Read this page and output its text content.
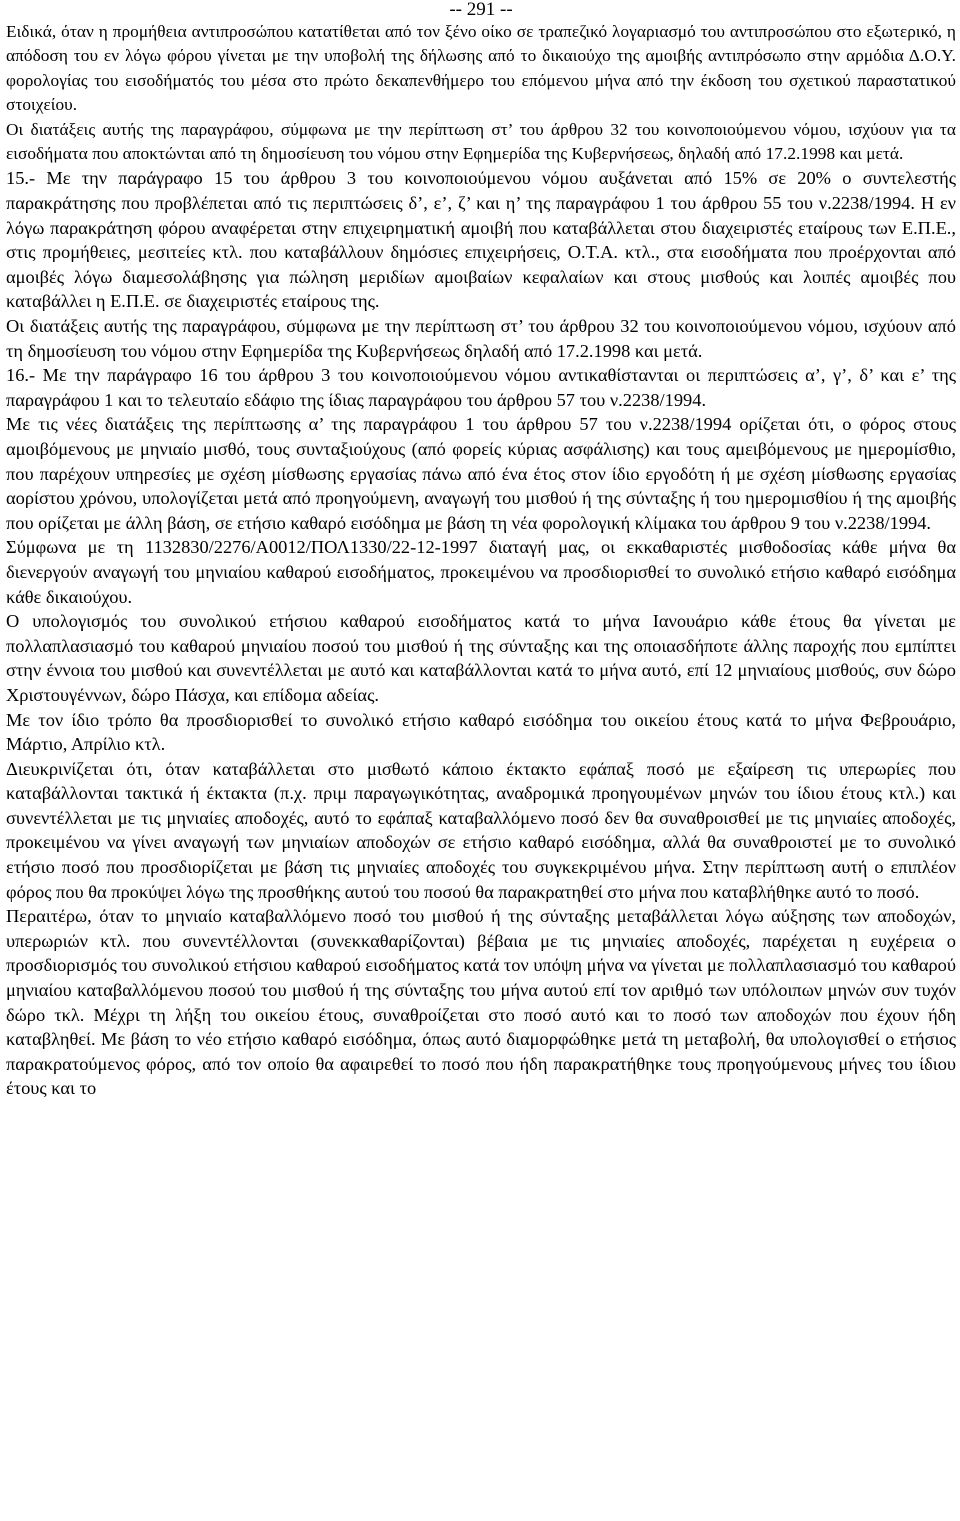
-- 291 --

Ειδικά, όταν η προμήθεια αντιπροσώπου κατατίθεται από τον ξένο οίκο σε τραπεζικό λογαριασμό του αντιπροσώπου στο εξωτερικό, η απόδοση του εν λόγω φόρου γίνεται με την υποβολή της δήλωσης από το δικαιούχο της αμοιβής αντιπρόσωπο στην αρμόδια Δ.Ο.Υ. φορολογίας του εισοδήματός του μέσα στο πρώτο δεκαπενθήμερο του επόμενου μήνα από την έκδοση του σχετικού παραστατικού στοιχείου.

Οι διατάξεις αυτής της παραγράφου, σύμφωνα με την περίπτωση στ’ του άρθρου 32 του κοινοποιούμενου νόμου, ισχύουν για τα εισοδήματα που αποκτώνται από τη δημοσίευση του νόμου στην Εφημερίδα της Κυβερνήσεως, δηλαδή από 17.2.1998 και μετά.

15.- Με την παράγραφο 15 του άρθρου 3 του κοινοποιούμενου νόμου αυξάνεται από 15% σε 20% ο συντελεστής παρακράτησης που προβλέπεται από τις περιπτώσεις δ’, ε’, ζ’ και η’ της παραγράφου 1 του άρθρου 55 του ν.2238/1994. Η εν λόγω παρακράτηση φόρου αναφέρεται στην επιχειρηματική αμοιβή που καταβάλλεται στου διαχειριστές εταίρους των Ε.Π.Ε., στις προμήθειες, μεσιτείες κτλ. που καταβάλλουν δημόσιες επιχειρήσεις, Ο.Τ.Α. κτλ., στα εισοδήματα που προέρχονται από αμοιβές λόγω διαμεσολάβησης για πώληση μεριδίων αμοιβαίων κεφαλαίων και στους μισθούς και λοιπές αμοιβές που καταβάλλει η Ε.Π.Ε. σε διαχειριστές εταίρους της.

Οι διατάξεις αυτής της παραγράφου, σύμφωνα με την περίπτωση στ’ του άρθρου 32 του κοινοποιούμενου νόμου, ισχύουν από τη δημοσίευση του νόμου στην Εφημερίδα της Κυβερνήσεως δηλαδή από 17.2.1998 και μετά.

16.- Με την παράγραφο 16 του άρθρου 3 του κοινοποιούμενου νόμου αντικαθίστανται οι περιπτώσεις α’, γ’, δ’ και ε’ της παραγράφου 1 και το τελευταίο εδάφιο της ίδιας παραγράφου του άρθρου 57 του ν.2238/1994.

Με τις νέες διατάξεις της περίπτωσης α’ της παραγράφου 1 του άρθρου 57 του ν.2238/1994 ορίζεται ότι, ο φόρος στους αμοιβόμενους με μηνιαίο μισθό, τους συνταξιούχους (από φορείς κύριας ασφάλισης) και τους αμειβόμενους με ημερομίσθιο, που παρέχουν υπηρεσίες με σχέση μίσθωσης εργασίας πάνω από ένα έτος στον ίδιο εργοδότη ή με σχέση μίσθωσης εργασίας αορίστου χρόνου, υπολογίζεται μετά από προηγούμενη, αναγωγή του μισθού ή της σύνταξης ή του ημερομισθίου ή της αμοιβής που ορίζεται με άλλη βάση, σε ετήσιο καθαρό εισόδημα με βάση τη νέα φορολογική κλίμακα του άρθρου 9 του ν.2238/1994.

Σύμφωνα με τη 1132830/2276/Α0012/ΠΟΛ1330/22-12-1997 διαταγή μας, οι εκκαθαριστές μισθοδοσίας κάθε μήνα θα διενεργούν αναγωγή του μηνιαίου καθαρού εισοδήματος, προκειμένου να προσδιορισθεί το συνολικό ετήσιο καθαρό εισόδημα κάθε δικαιούχου.

Ο υπολογισμός του συνολικού ετήσιου καθαρού εισοδήματος κατά το μήνα Ιανουάριο κάθε έτους θα γίνεται με πολλαπλασιασμό του καθαρού μηνιαίου ποσού του μισθού ή της σύνταξης και της οποιασδήποτε άλλης παροχής που εμπίπτει στην έννοια του μισθού και συνεντέλλεται με αυτό και καταβάλλονται κατά το μήνα αυτό, επί 12 μηνιαίους μισθούς, συν δώρο Χριστουγέννων, δώρο Πάσχα, και επίδομα αδείας.

Με τον ίδιο τρόπο θα προσδιορισθεί το συνολικό ετήσιο καθαρό εισόδημα του οικείου έτους κατά το μήνα Φεβρουάριο, Μάρτιο, Απρίλιο κτλ.

Διευκρινίζεται ότι, όταν καταβάλλεται στο μισθωτό κάποιο έκτακτο εφάπαξ ποσό με εξαίρεση τις υπερωρίες που καταβάλλονται τακτικά ή έκτακτα (π.χ. πριμ παραγωγικότητας, αναδρομικά προηγουμένων μηνών του ίδιου έτους κτλ.) και συνεντέλλεται με τις μηνιαίες αποδοχές, αυτό το εφάπαξ καταβαλλόμενο ποσό δεν θα συναθροισθεί με τις μηνιαίες αποδοχές, προκειμένου να γίνει αναγωγή των μηνιαίων αποδοχών σε ετήσιο καθαρό εισόδημα, αλλά θα συναθροιστεί με το συνολικό ετήσιο ποσό που προσδιορίζεται με βάση τις μηνιαίες αποδοχές του συγκεκριμένου μήνα. Στην περίπτωση αυτή ο επιπλέον φόρος που θα προκύψει λόγω της προσθήκης αυτού του ποσού θα παρακρατηθεί στο μήνα που καταβλήθηκε αυτό το ποσό.

Περαιτέρω, όταν το μηνιαίο καταβαλλόμενο ποσό του μισθού ή της σύνταξης μεταβάλλεται λόγω αύξησης των αποδοχών, υπερωριών κτλ. που συνεντέλλονται (συνεκκαθαρίζονται) βέβαια με τις μηνιαίες αποδοχές, παρέχεται η ευχέρεια ο προσδιορισμός του συνολικού ετήσιου καθαρού εισοδήματος κατά τον υπόψη μήνα να γίνεται με πολλαπλασιασμό του καθαρού μηνιαίου καταβαλλόμενου ποσού του μισθού ή της σύνταξης του μήνα αυτού επί τον αριθμό των υπόλοιπων μηνών συν τυχόν δώρο τκλ. Μέχρι τη λήξη του οικείου έτους, συναθροίζεται στο ποσό αυτό και το ποσό των αποδοχών που έχουν ήδη καταβληθεί. Με βάση το νέο ετήσιο καθαρό εισόδημα, όπως αυτό διαμορφώθηκε μετά τη μεταβολή, θα υπολογισθεί ο ετήσιος παρακρατούμενος φόρος, από τον οποίο θα αφαιρεθεί το ποσό που ήδη παρακρατήθηκε τους προηγούμενους μήνες του ίδιου έτους και το
